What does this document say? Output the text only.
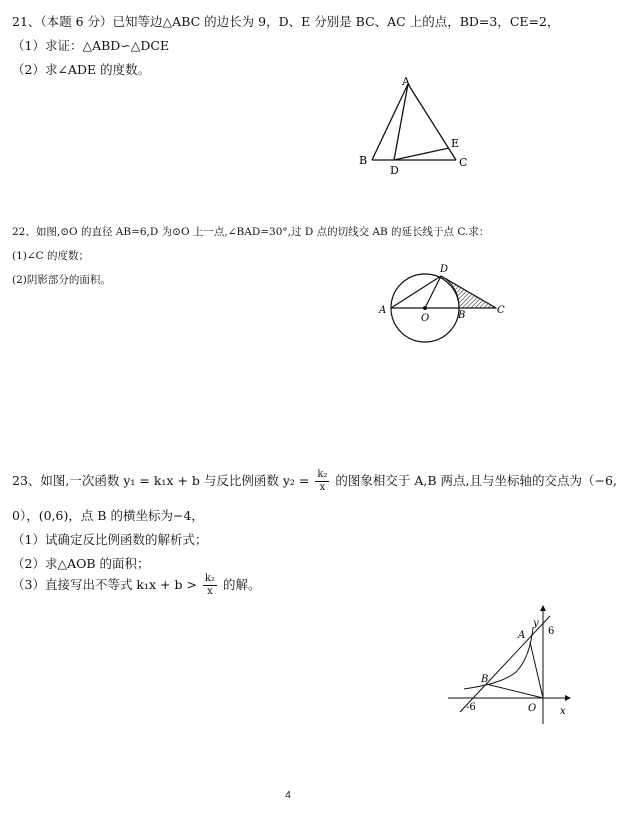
21、（本题 6 分）已知等边△ABC 的边长为 9，D、E 分别是 BC、AC 上的点，BD=3，CE=2，
（1）求证：△ABD∽△DCE
（2）求∠ADE 的度数。
A
B	C
D
E
22、如图,⊙O 的直径 AB=6,D 为⊙O 上一点,∠BAD=30°,过 D 点的切线交 AB 的延长线于点 C.求：
(1)∠C 的度数；
(2)阴影部分的面积。
A
O	B	C
D
23、如图,一次函数 y₁ = k₁x + b 与反比例函数 $y_2 = \frac{\text{k₂}}{x}$ 的图象相交于 A,B 两点,且与坐标轴的交点为（−6,
0），(0,6)，点 B 的横坐标为−4，
（1）试确定反比例函数的解析式；
（2）求△AOB 的面积；
（3）直接写出不等式 $k_1x + b > \frac{\text{k₂}}{x}$ 的解。
A
B
O x
y
6
-6
4
